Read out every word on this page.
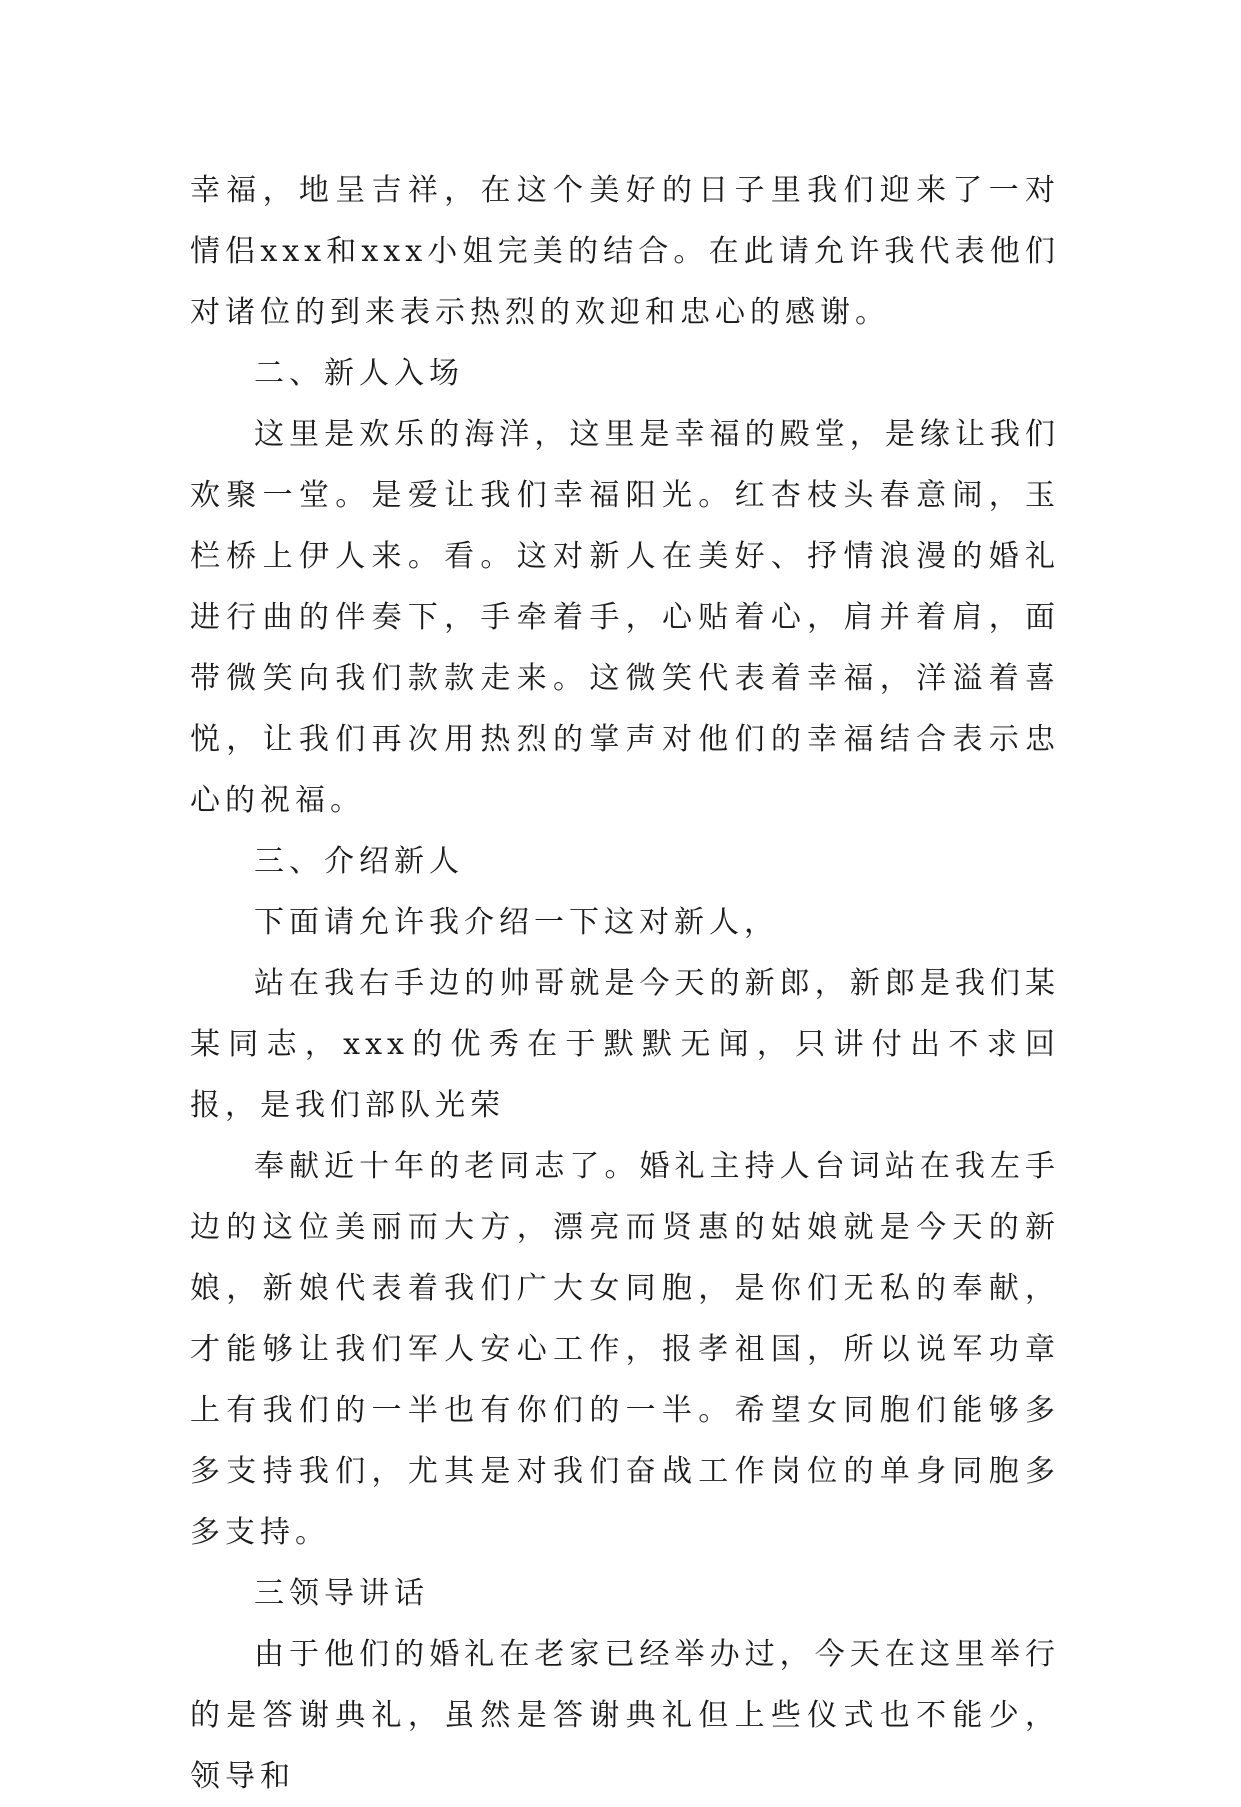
幸福，地呈吉祥，在这个美好的日子里我们迎来了一对情侣xxx和xxx小姐完美的结合。在此请允许我代表他们对诸位的到来表示热烈的欢迎和忠心的感谢。

二、新人入场

这里是欢乐的海洋，这里是幸福的殿堂，是缘让我们欢聚一堂。是爱让我们幸福阳光。红杏枝头春意闹，玉栏桥上伊人来。看。这对新人在美好、抒情浪漫的婚礼进行曲的伴奏下，手牵着手，心贴着心，肩并着肩，面带微笑向我们款款走来。这微笑代表着幸福，洋溢着喜悦，让我们再次用热烈的掌声对他们的幸福结合表示忠心的祝福。

三、介绍新人

下面请允许我介绍一下这对新人，

站在我右手边的帅哥就是今天的新郎，新郎是我们某某同志，xxx的优秀在于默默无闻，只讲付出不求回报，是我们部队光荣

奉献近十年的老同志了。婚礼主持人台词站在我左手边的这位美丽而大方，漂亮而贤惠的姑娘就是今天的新娘，新娘代表着我们广大女同胞，是你们无私的奉献，才能够让我们军人安心工作，报孝祖国，所以说军功章上有我们的一半也有你们的一半。希望女同胞们能够多多支持我们，尤其是对我们奋战工作岗位的单身同胞多多支持。

三领导讲话

由于他们的婚礼在老家已经举办过，今天在这里举行的是答谢典礼，虽然是答谢典礼但上些仪式也不能少，领导和
